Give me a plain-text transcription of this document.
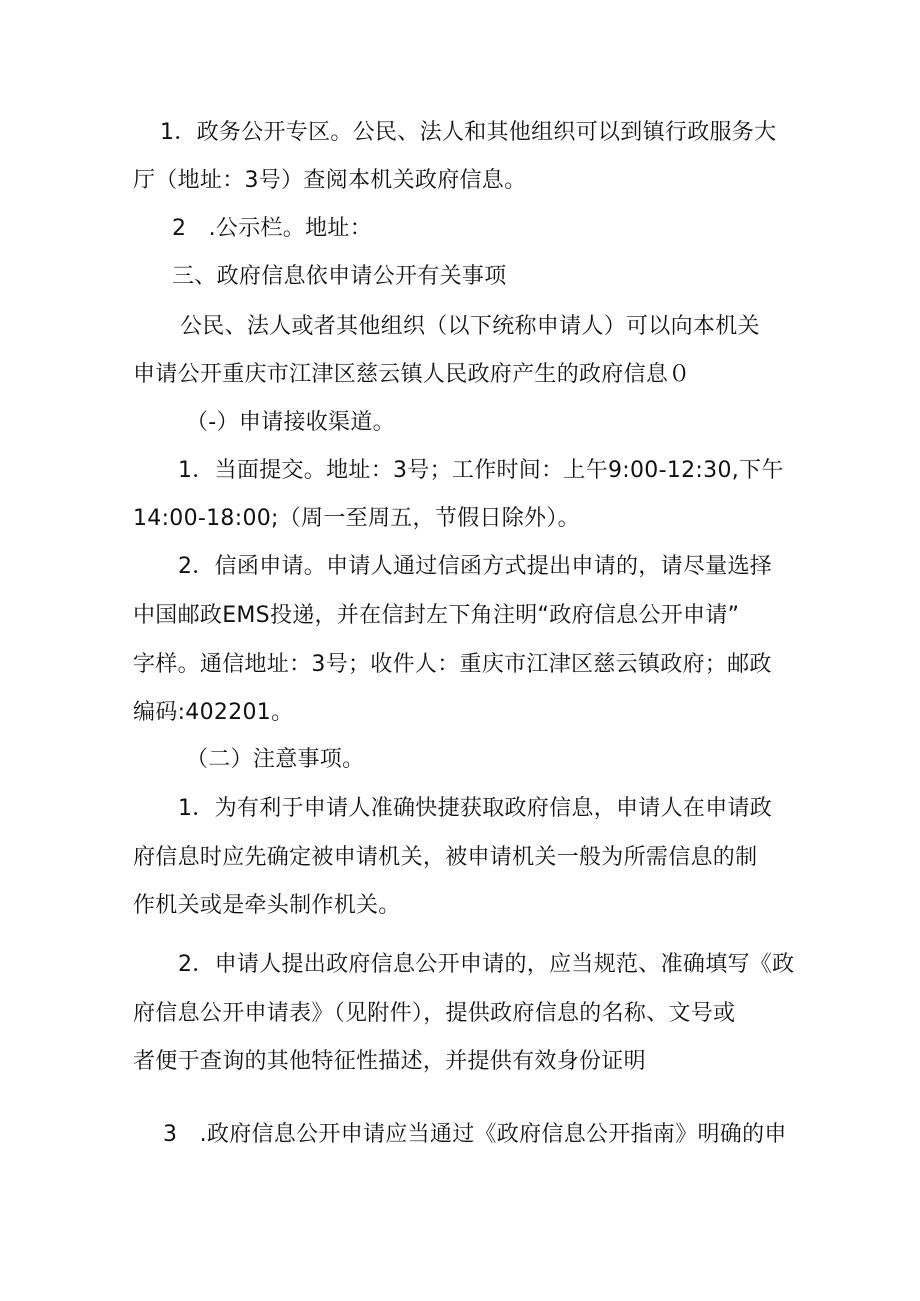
1．政务公开专区。公民、法人和其他组织可以到镇行政服务大
厅（地址：3号）查阅本机关政府信息。
2　.公示栏。地址：
三、政府信息依申请公开有关事项
公民、法人或者其他组织（以下统称申请人）可以向本机关
申请公开重庆市江津区慈云镇人民政府产生的政府信息０
（-）申请接收渠道。
1．当面提交。地址：3号；工作时间：上午9:00-12:30,下午
14:00-18:00;（周一至周五，节假日除外）。
2．信函申请。申请人通过信函方式提出申请的，请尽量选择
中国邮政EMS投递，并在信封左下角注明“政府信息公开申请”
字样。通信地址：3号；收件人：重庆市江津区慈云镇政府；邮政
编码:402201。
（二）注意事项。
1．为有利于申请人准确快捷获取政府信息，申请人在申请政
府信息时应先确定被申请机关，被申请机关一般为所需信息的制
作机关或是牵头制作机关。
2．申请人提出政府信息公开申请的，应当规范、准确填写《政
府信息公开申请表》（见附件），提供政府信息的名称、文号或
者便于查询的其他特征性描述，并提供有效身份证明
3　.政府信息公开申请应当通过《政府信息公开指南》明确的申
